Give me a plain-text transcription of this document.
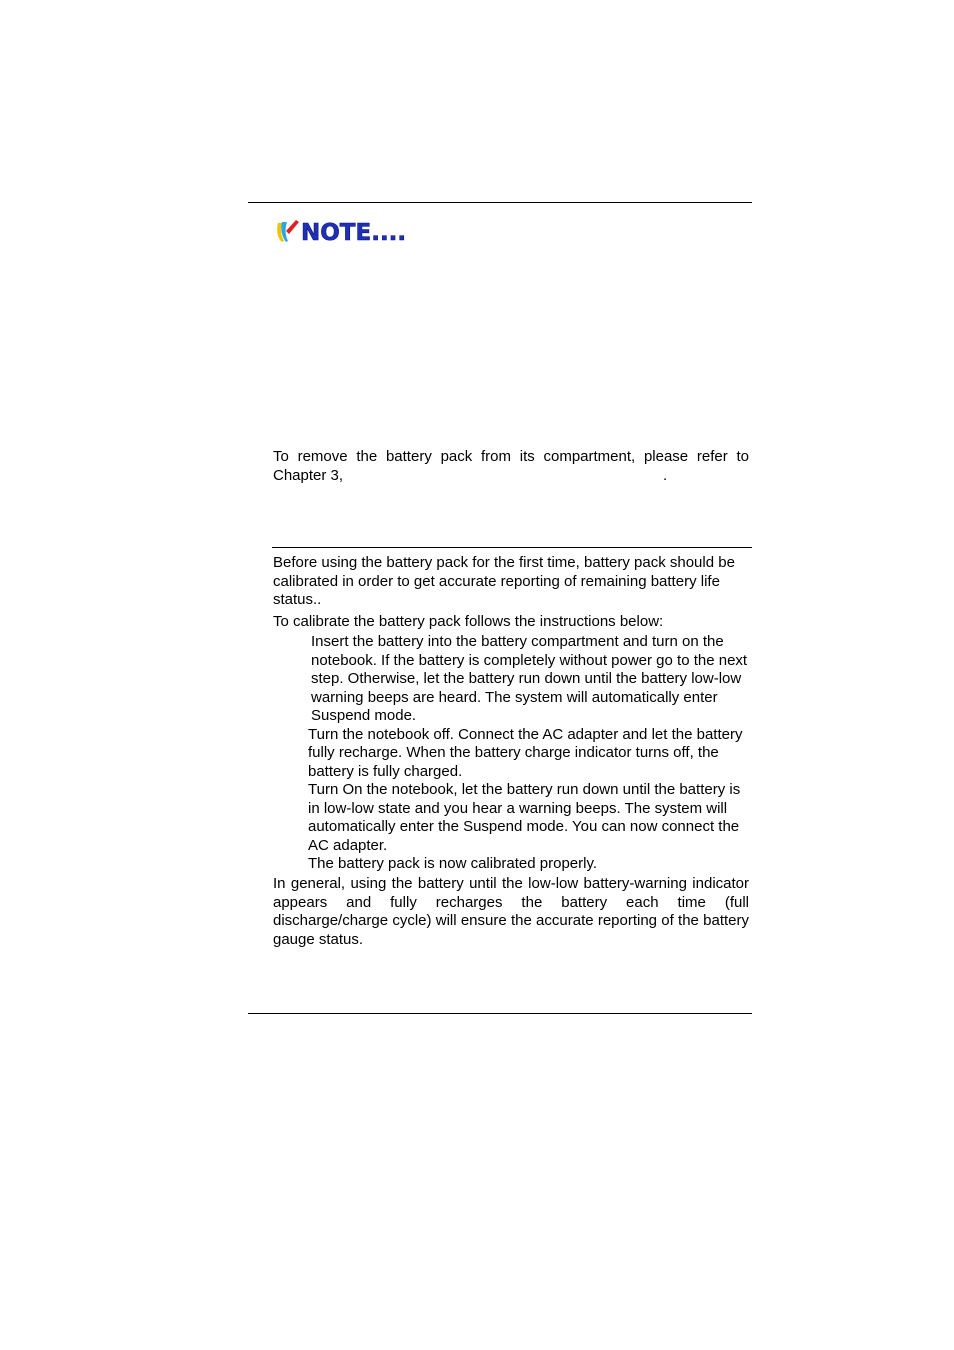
NOTE....
To remove the battery pack from its compartment, please refer to
Chapter 3,	.

Before using the battery pack for the first time, battery pack should be calibrated in order to get accurate reporting of remaining battery life status..

To calibrate the battery pack follows the instructions below:

Insert the battery into the battery compartment and turn on the notebook. If the battery is completely without power go to the next step. Otherwise, let the battery run down until the battery low-low warning beeps are heard. The system will automatically enter Suspend mode.
Turn the notebook off. Connect the AC adapter and let the battery fully recharge. When the battery charge indicator turns off, the battery is fully charged.
Turn On the notebook, let the battery run down until the battery is in low-low state and you hear a warning beeps. The system will automatically enter the Suspend mode. You can now connect the AC adapter.
The battery pack is now calibrated properly.

In general, using the battery until the low-low battery-warning indicator appears and fully recharges the battery each time (full discharge/charge cycle) will ensure the accurate reporting of the battery gauge status.
